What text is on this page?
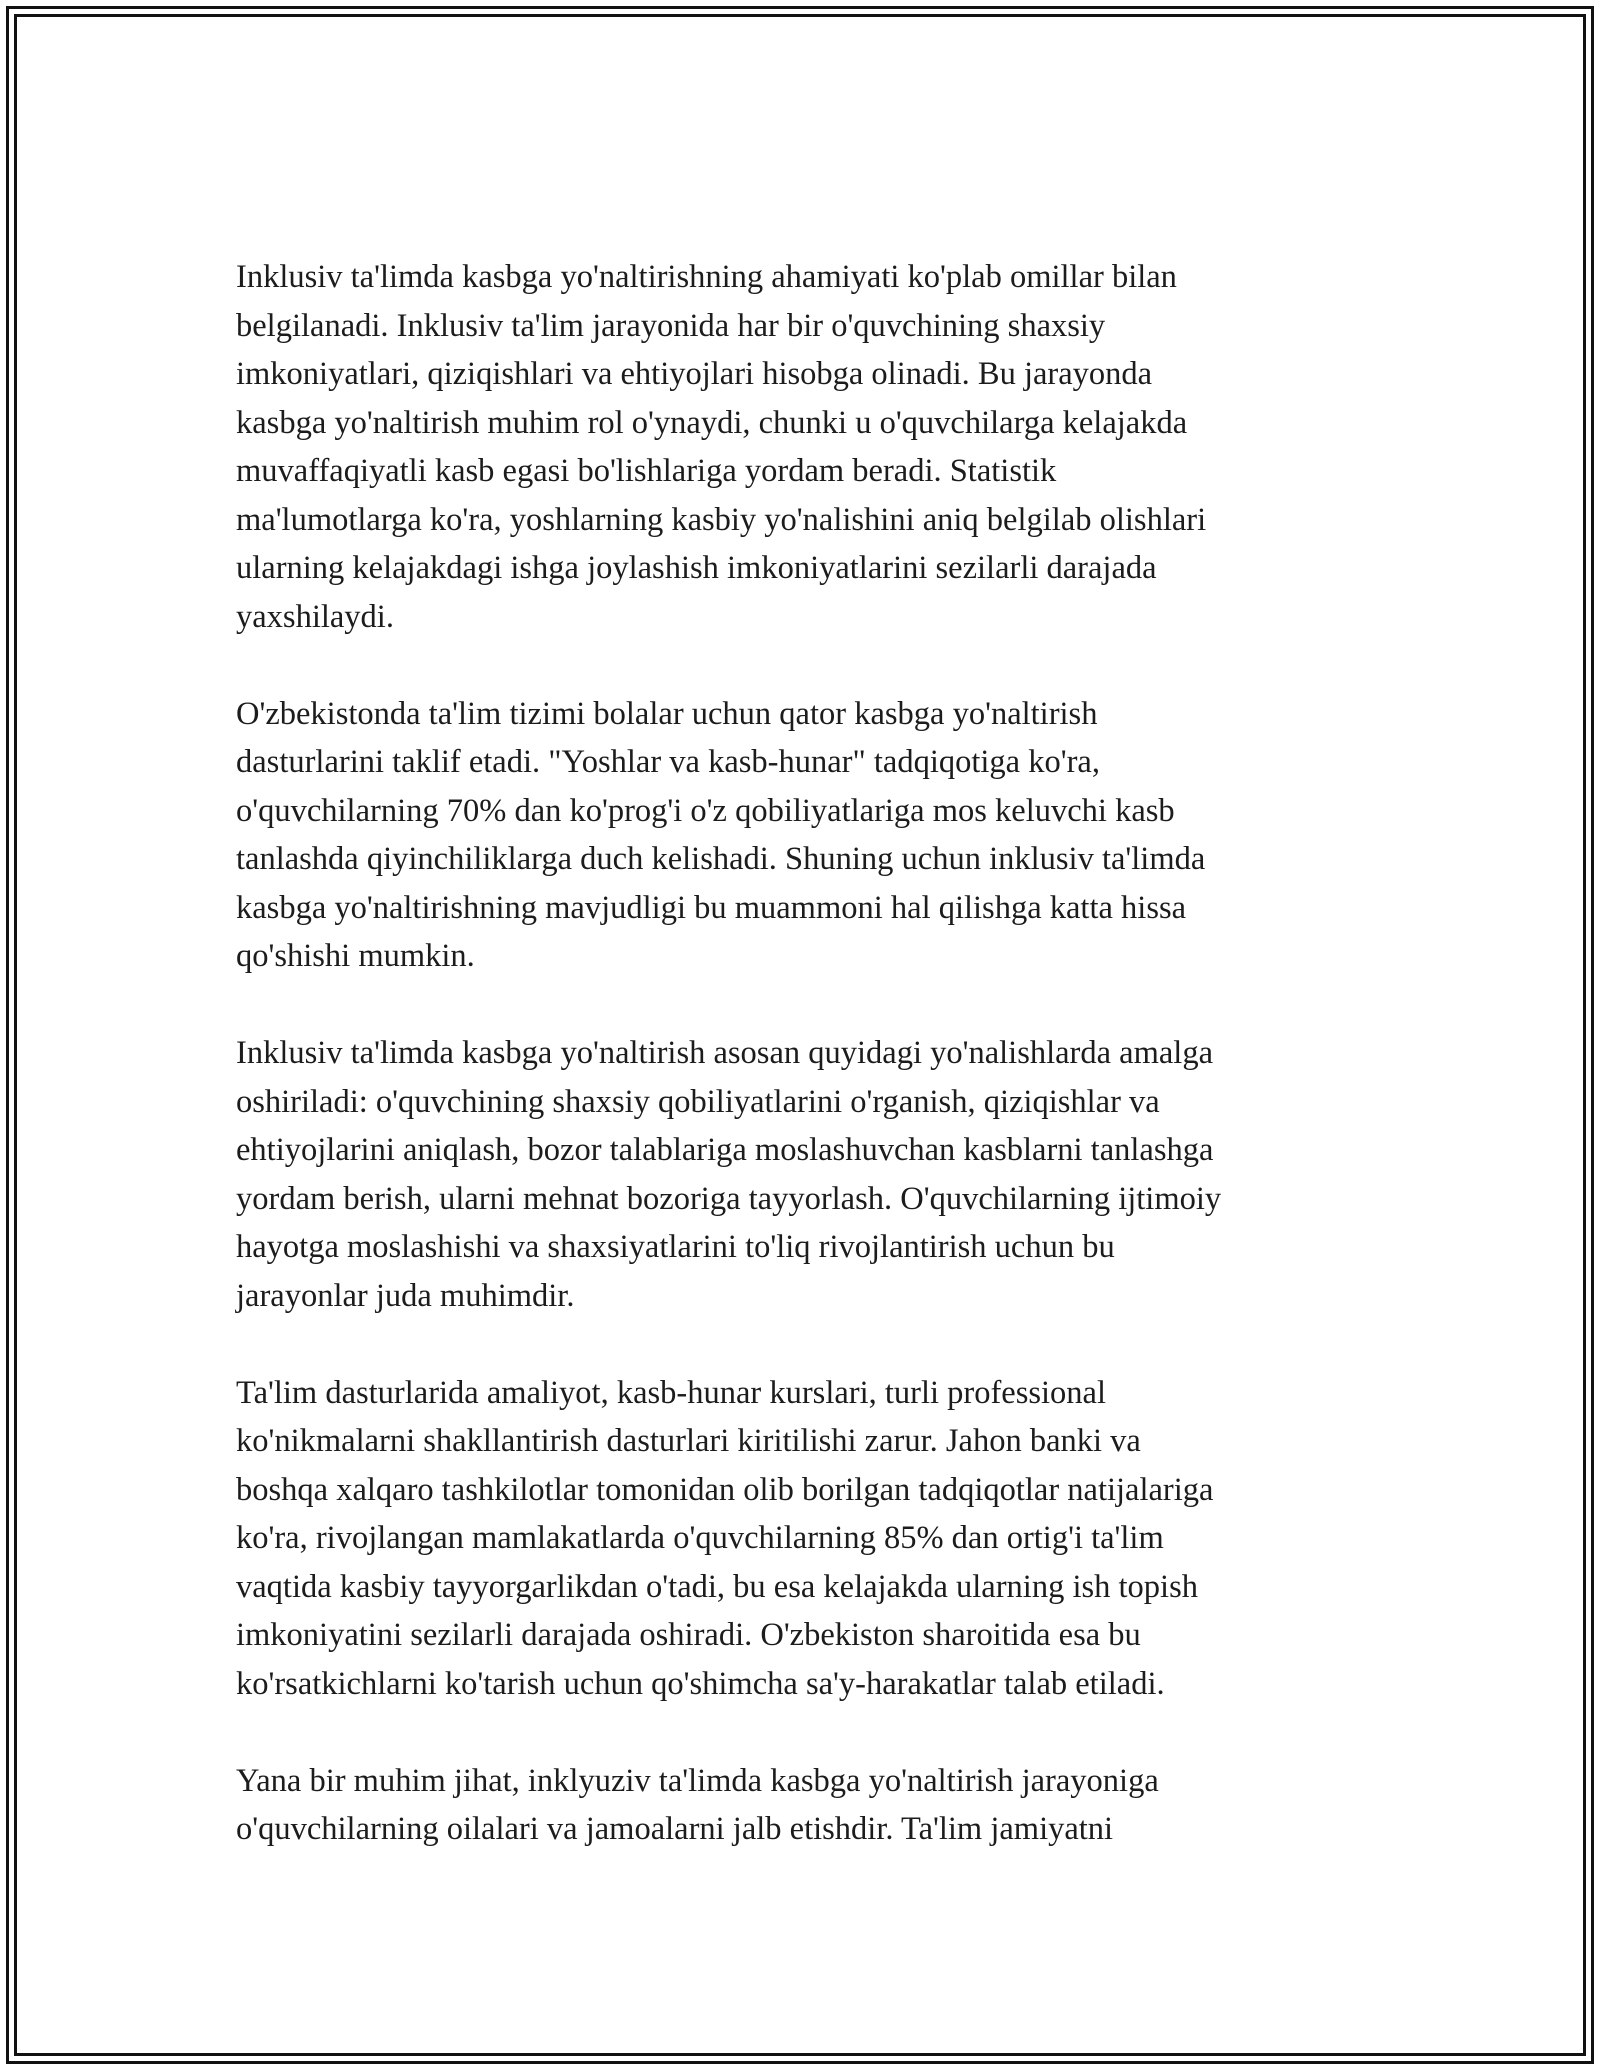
Inklusiv ta'limda kasbga yo'naltirishning ahamiyati ko'plab omillar bilan
belgilanadi. Inklusiv ta'lim jarayonida har bir o'quvchining shaxsiy
imkoniyatlari, qiziqishlari va ehtiyojlari hisobga olinadi. Bu jarayonda
kasbga yo'naltirish muhim rol o'ynaydi, chunki u o'quvchilarga kelajakda
muvaffaqiyatli kasb egasi bo'lishlariga yordam beradi. Statistik
ma'lumotlarga ko'ra, yoshlarning kasbiy yo'nalishini aniq belgilab olishlari
ularning kelajakdagi ishga joylashish imkoniyatlarini sezilarli darajada
yaxshilaydi.

O'zbekistonda ta'lim tizimi bolalar uchun qator kasbga yo'naltirish
dasturlarini taklif etadi. "Yoshlar va kasb-hunar" tadqiqotiga ko'ra,
o'quvchilarning 70% dan ko'prog'i o'z qobiliyatlariga mos keluvchi kasb
tanlashda qiyinchiliklarga duch kelishadi. Shuning uchun inklusiv ta'limda
kasbga yo'naltirishning mavjudligi bu muammoni hal qilishga katta hissa
qo'shishi mumkin.

Inklusiv ta'limda kasbga yo'naltirish asosan quyidagi yo'nalishlarda amalga
oshiriladi: o'quvchining shaxsiy qobiliyatlarini o'rganish, qiziqishlar va
ehtiyojlarini aniqlash, bozor talablariga moslashuvchan kasblarni tanlashga
yordam berish, ularni mehnat bozoriga tayyorlash. O'quvchilarning ijtimoiy
hayotga moslashishi va shaxsiyatlarini to'liq rivojlantirish uchun bu
jarayonlar juda muhimdir.

Ta'lim dasturlarida amaliyot, kasb-hunar kurslari, turli professional
ko'nikmalarni shakllantirish dasturlari kiritilishi zarur. Jahon banki va
boshqa xalqaro tashkilotlar tomonidan olib borilgan tadqiqotlar natijalariga
ko'ra, rivojlangan mamlakatlarda o'quvchilarning 85% dan ortig'i ta'lim
vaqtida kasbiy tayyorgarlikdan o'tadi, bu esa kelajakda ularning ish topish
imkoniyatini sezilarli darajada oshiradi. O'zbekiston sharoitida esa bu
ko'rsatkichlarni ko'tarish uchun qo'shimcha sa'y-harakatlar talab etiladi.

Yana bir muhim jihat, inklyuziv ta'limda kasbga yo'naltirish jarayoniga
o'quvchilarning oilalari va jamoalarni jalb etishdir. Ta'lim jamiyatni
